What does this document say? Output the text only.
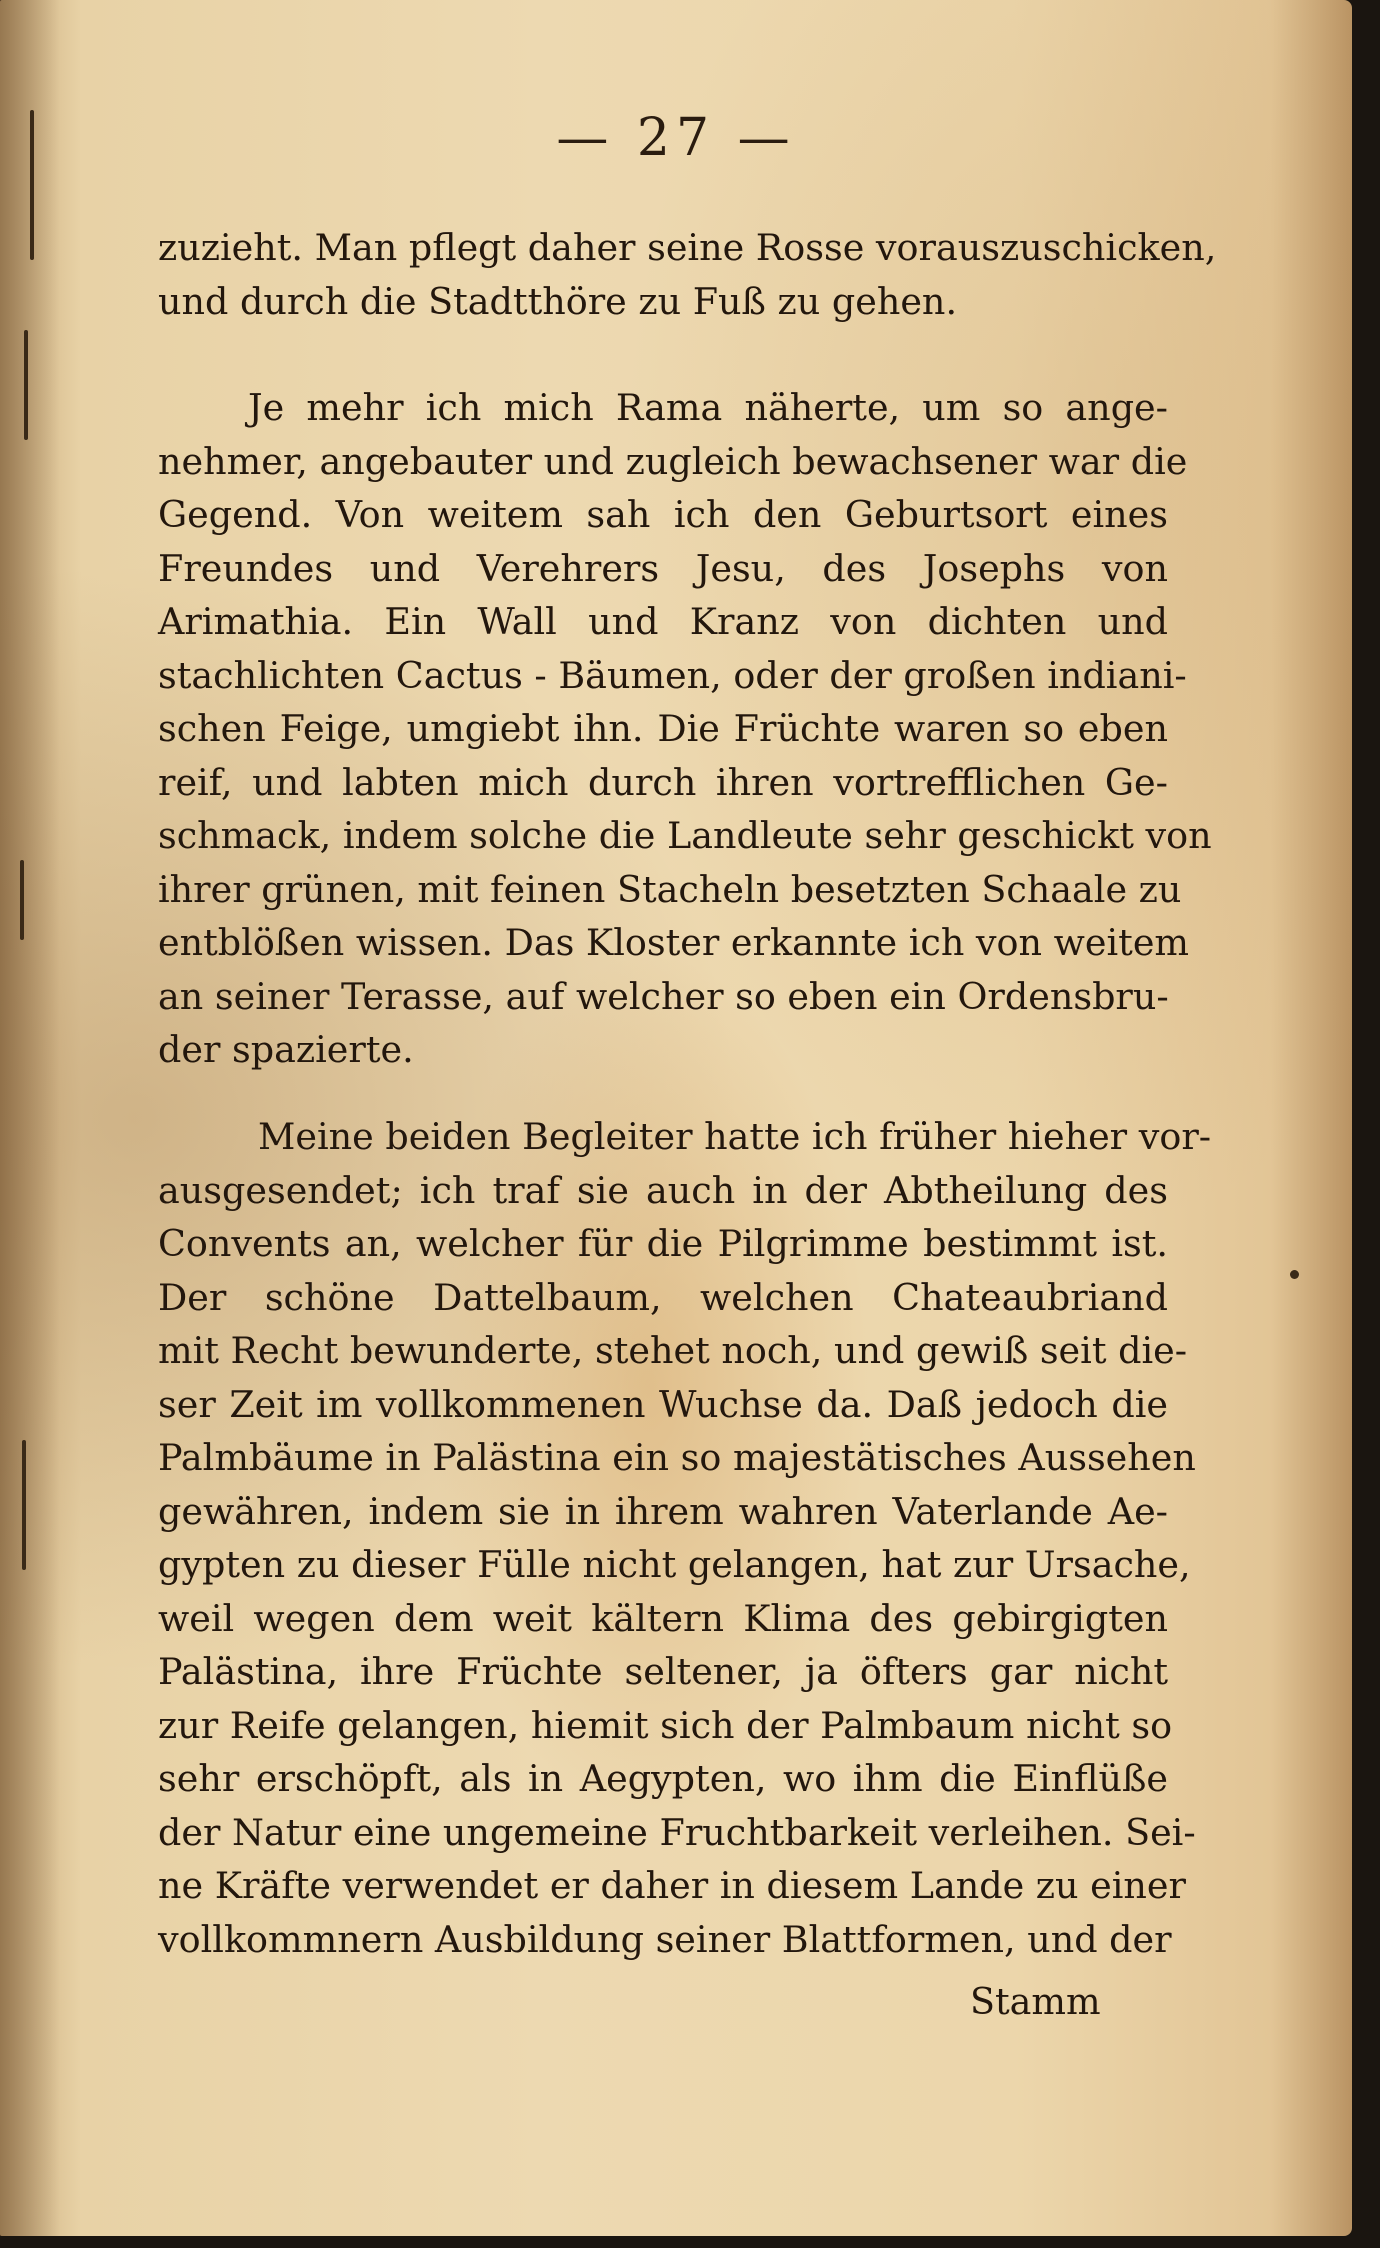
— 27 —
zuzieht. Man pflegt daher seine Rosse vorauszuschicken,
und durch die Stadtthöre zu Fuß zu gehen.
Je mehr ich mich Rama näherte, um so ange-
nehmer, angebauter und zugleich bewachsener war die
Gegend. Von weitem sah ich den Geburtsort eines
Freundes und Verehrers Jesu, des Josephs von
Arimathia. Ein Wall und Kranz von dichten und
stachlichten Cactus - Bäumen, oder der großen indiani-
schen Feige, umgiebt ihn. Die Früchte waren so eben
reif, und labten mich durch ihren vortrefflichen Ge-
schmack, indem solche die Landleute sehr geschickt von
ihrer grünen, mit feinen Stacheln besetzten Schaale zu
entblößen wissen. Das Kloster erkannte ich von weitem
an seiner Terasse, auf welcher so eben ein Ordensbru-
der spazierte.
Meine beiden Begleiter hatte ich früher hieher vor-
ausgesendet; ich traf sie auch in der Abtheilung des
Convents an, welcher für die Pilgrimme bestimmt ist.
Der schöne Dattelbaum, welchen Chateaubriand
mit Recht bewunderte, stehet noch, und gewiß seit die-
ser Zeit im vollkommenen Wuchse da. Daß jedoch die
Palmbäume in Palästina ein so majestätisches Aussehen
gewähren, indem sie in ihrem wahren Vaterlande Ae-
gypten zu dieser Fülle nicht gelangen, hat zur Ursache,
weil wegen dem weit kältern Klima des gebirgigten
Palästina, ihre Früchte seltener, ja öfters gar nicht
zur Reife gelangen, hiemit sich der Palmbaum nicht so
sehr erschöpft, als in Aegypten, wo ihm die Einflüße
der Natur eine ungemeine Fruchtbarkeit verleihen. Sei-
ne Kräfte verwendet er daher in diesem Lande zu einer
vollkommnern Ausbildung seiner Blattformen, und der
Stamm
